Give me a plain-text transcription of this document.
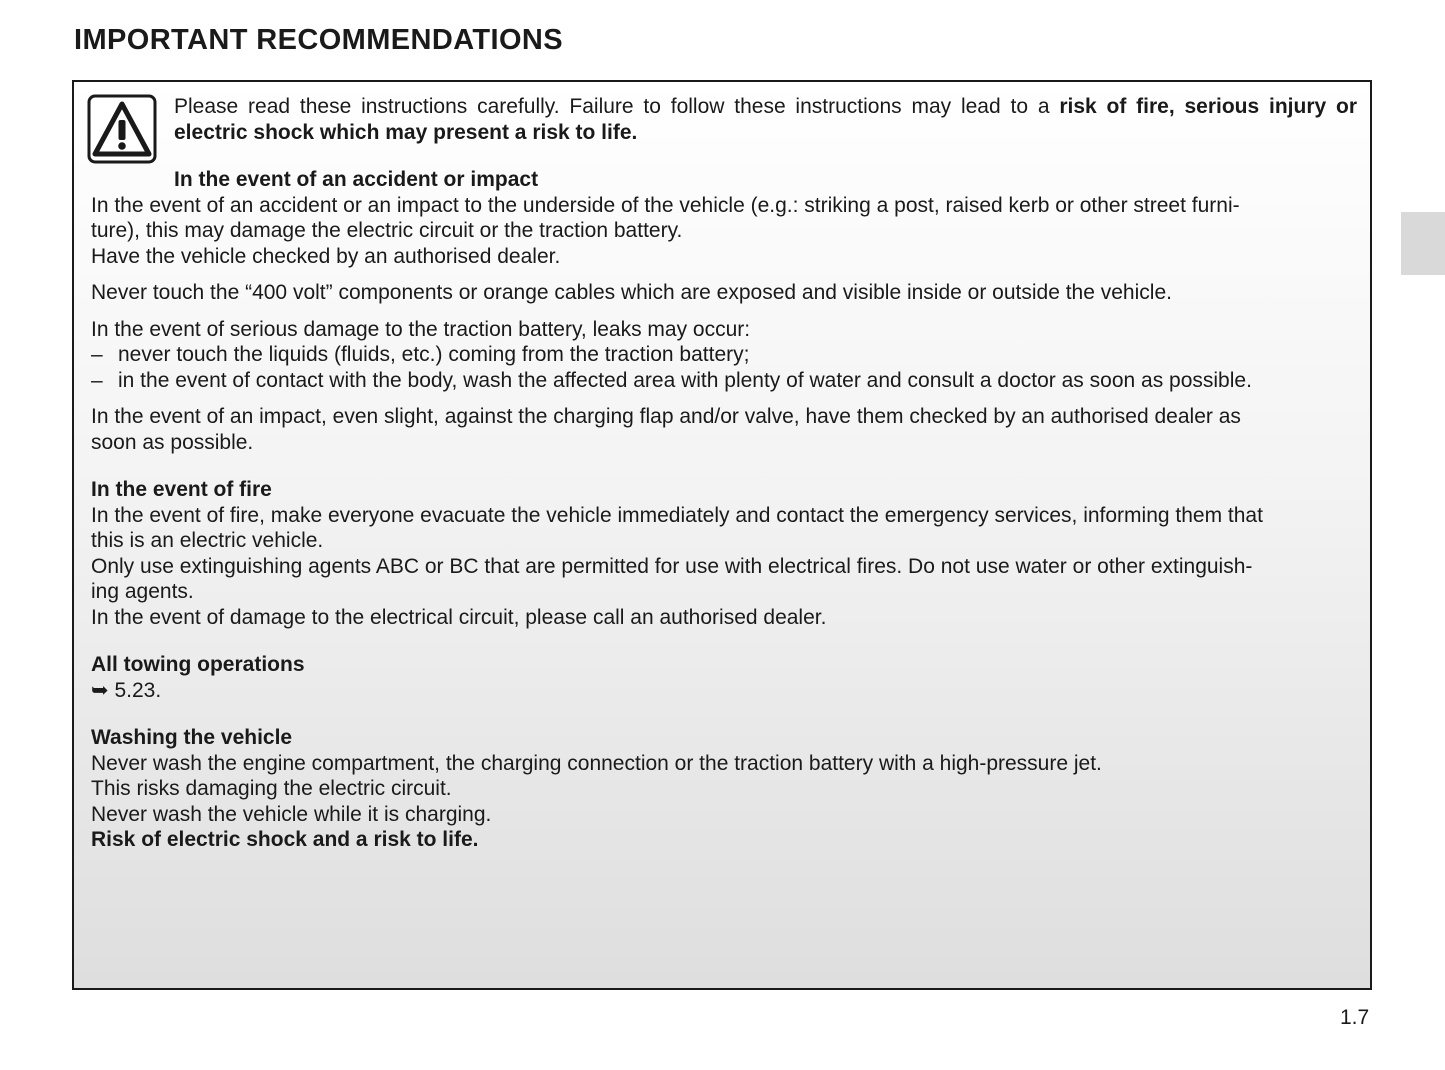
IMPORTANT RECOMMENDATIONS

Please read these instructions carefully. Failure to follow these instructions may lead to a risk of fire, serious injury or electric shock which may present a risk to life.

In the event of an accident or impact

In the event of an accident or an impact to the underside of the vehicle (e.g.: striking a post, raised kerb or other street furni-

ture), this may damage the electric circuit or the traction battery.

Have the vehicle checked by an authorised dealer.

Never touch the “400 volt” components or orange cables which are exposed and visible inside or outside the vehicle.

In the event of serious damage to the traction battery, leaks may occur:

– never touch the liquids (fluids, etc.) coming from the traction battery;
– in the event of contact with the body, wash the affected area with plenty of water and consult a doctor as soon as possible.

In the event of an impact, even slight, against the charging flap and/or valve, have them checked by an authorised dealer as

soon as possible.

In the event of fire

In the event of fire, make everyone evacuate the vehicle immediately and contact the emergency services, informing them that

this is an electric vehicle.

Only use extinguishing agents ABC or BC that are permitted for use with electrical fires. Do not use water or other extinguish-

ing agents.

In the event of damage to the electrical circuit, please call an authorised dealer.

All towing operations

➥ 5.23.

Washing the vehicle

Never wash the engine compartment, the charging connection or the traction battery with a high-pressure jet.

This risks damaging the electric circuit.

Never wash the vehicle while it is charging.

Risk of electric shock and a risk to life.

1.7
